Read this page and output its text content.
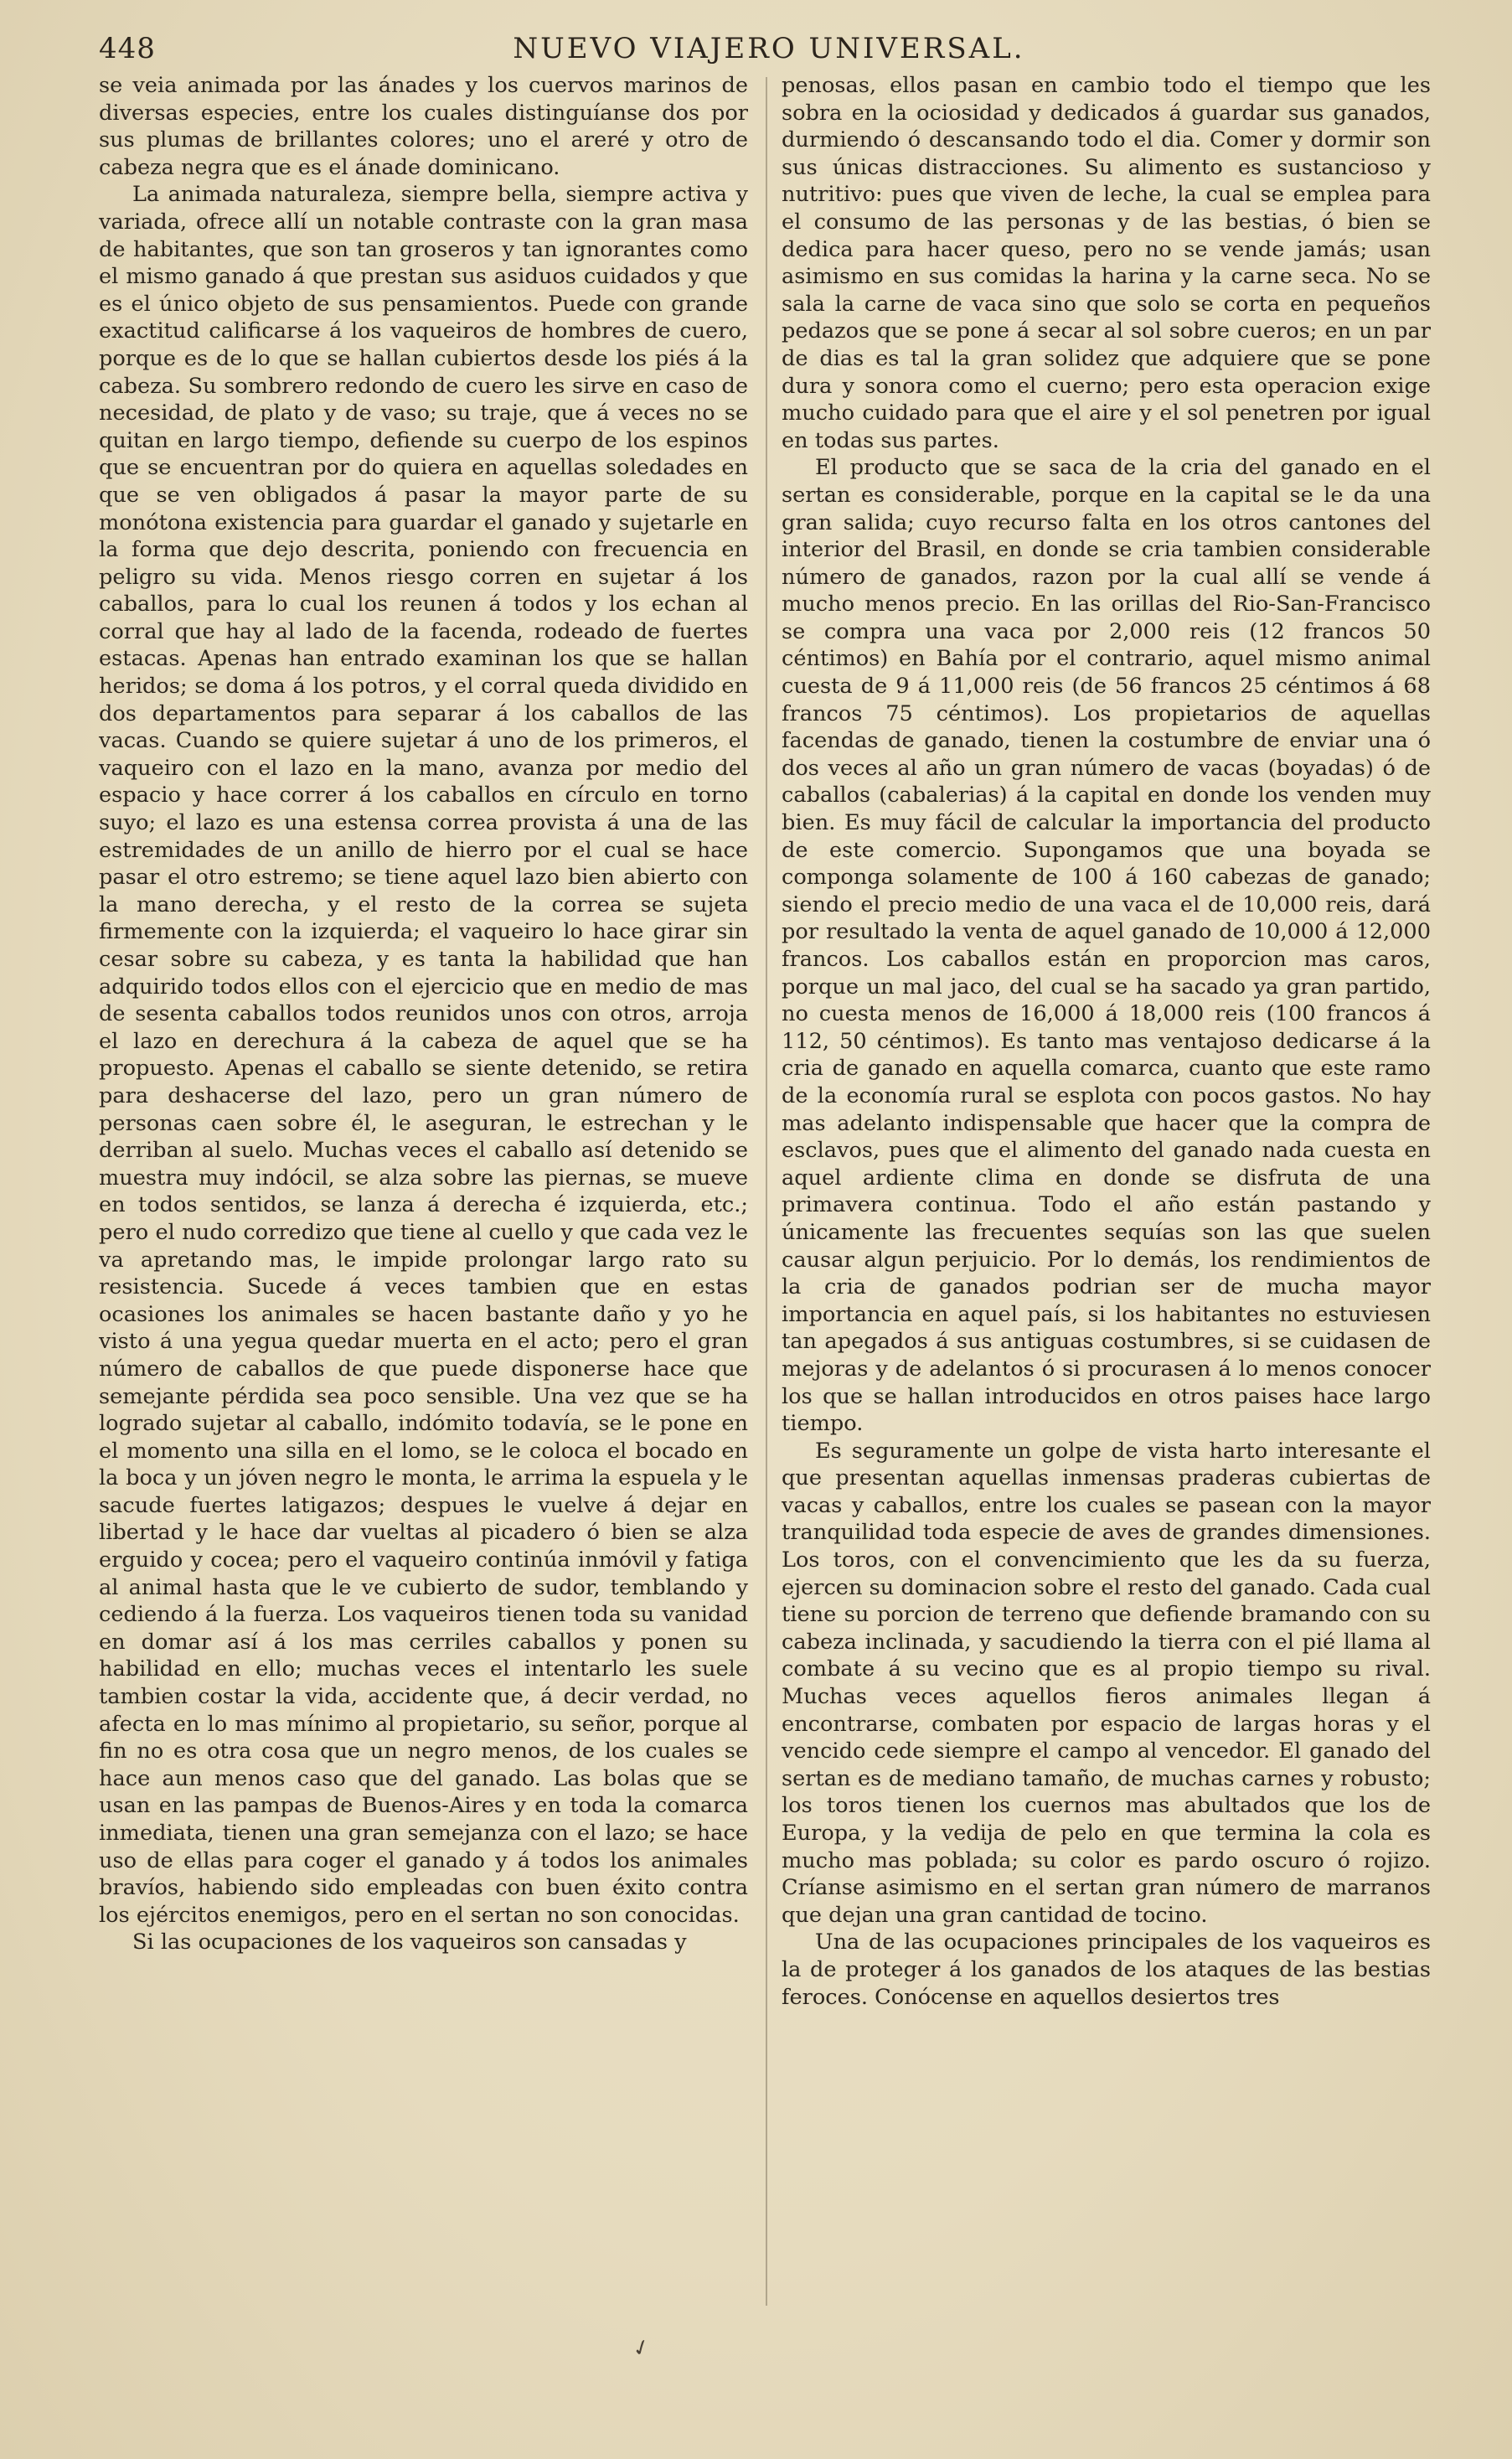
448	NUEVO VIAJERO UNIVERSAL.

se veia animada por las ánades y los cuervos marinos de diversas especies, entre los cuales distinguíanse dos por sus plumas de brillantes colores; uno el areré y otro de cabeza negra que es el ánade dominicano.

La animada naturaleza, siempre bella, siempre activa y variada, ofrece allí un notable contraste con la gran masa de habitantes, que son tan groseros y tan ignorantes como el mismo ganado á que prestan sus asiduos cuidados y que es el único objeto de sus pensamientos. Puede con grande exactitud calificarse á los vaqueiros de hombres de cuero, porque es de lo que se hallan cubiertos desde los piés á la cabeza. Su sombrero redondo de cuero les sirve en caso de necesidad, de plato y de vaso; su traje, que á veces no se quitan en largo tiempo, defiende su cuerpo de los espinos que se encuentran por do quiera en aquellas soledades en que se ven obligados á pasar la mayor parte de su monótona existencia para guardar el ganado y sujetarle en la forma que dejo descrita, poniendo con frecuencia en peligro su vida. Menos riesgo corren en sujetar á los caballos, para lo cual los reunen á todos y los echan al corral que hay al lado de la facenda, rodeado de fuertes estacas. Apenas han entrado examinan los que se hallan heridos; se doma á los potros, y el corral queda dividido en dos departamentos para separar á los caballos de las vacas. Cuando se quiere sujetar á uno de los primeros, el vaqueiro con el lazo en la mano, avanza por medio del espacio y hace correr á los caballos en círculo en torno suyo; el lazo es una estensa correa provista á una de las estremidades de un anillo de hierro por el cual se hace pasar el otro estremo; se tiene aquel lazo bien abierto con la mano derecha, y el resto de la correa se sujeta firmemente con la izquierda; el vaqueiro lo hace girar sin cesar sobre su cabeza, y es tanta la habilidad que han adquirido todos ellos con el ejercicio que en medio de mas de sesenta caballos todos reunidos unos con otros, arroja el lazo en derechura á la cabeza de aquel que se ha propuesto. Apenas el caballo se siente detenido, se retira para deshacerse del lazo, pero un gran número de personas caen sobre él, le aseguran, le estrechan y le derriban al suelo. Muchas veces el caballo así detenido se muestra muy indócil, se alza sobre las piernas, se mueve en todos sentidos, se lanza á derecha é izquierda, etc.; pero el nudo corredizo que tiene al cuello y que cada vez le va apretando mas, le impide prolongar largo rato su resistencia. Sucede á veces tambien que en estas ocasiones los animales se hacen bastante daño y yo he visto á una yegua quedar muerta en el acto; pero el gran número de caballos de que puede disponerse hace que semejante pérdida sea poco sensible. Una vez que se ha logrado sujetar al caballo, indómito todavía, se le pone en el momento una silla en el lomo, se le coloca el bocado en la boca y un jóven negro le monta, le arrima la espuela y le sacude fuertes latigazos; despues le vuelve á dejar en libertad y le hace dar vueltas al picadero ó bien se alza erguido y cocea; pero el vaqueiro continúa inmóvil y fatiga al animal hasta que le ve cubierto de sudor, temblando y cediendo á la fuerza. Los vaqueiros tienen toda su vanidad en domar así á los mas cerriles caballos y ponen su habilidad en ello; muchas veces el intentarlo les suele tambien costar la vida, accidente que, á decir verdad, no afecta en lo mas mínimo al propietario, su señor, porque al fin no es otra cosa que un negro menos, de los cuales se hace aun menos caso que del ganado. Las bolas que se usan en las pampas de Buenos-Aires y en toda la comarca inmediata, tienen una gran semejanza con el lazo; se hace uso de ellas para coger el ganado y á todos los animales bravíos, habiendo sido empleadas con buen éxito contra los ejércitos enemigos, pero en el sertan no son conocidas.

Si las ocupaciones de los vaqueiros son cansadas y

penosas, ellos pasan en cambio todo el tiempo que les sobra en la ociosidad y dedicados á guardar sus ganados, durmiendo ó descansando todo el dia. Comer y dormir son sus únicas distracciones. Su alimento es sustancioso y nutritivo: pues que viven de leche, la cual se emplea para el consumo de las personas y de las bestias, ó bien se dedica para hacer queso, pero no se vende jamás; usan asimismo en sus comidas la harina y la carne seca. No se sala la carne de vaca sino que solo se corta en pequeños pedazos que se pone á secar al sol sobre cueros; en un par de dias es tal la gran solidez que adquiere que se pone dura y sonora como el cuerno; pero esta operacion exige mucho cuidado para que el aire y el sol penetren por igual en todas sus partes.

El producto que se saca de la cria del ganado en el sertan es considerable, porque en la capital se le da una gran salida; cuyo recurso falta en los otros cantones del interior del Brasil, en donde se cria tambien considerable número de ganados, razon por la cual allí se vende á mucho menos precio. En las orillas del Rio-San-Francisco se compra una vaca por 2,000 reis (12 francos 50 céntimos) en Bahía por el contrario, aquel mismo animal cuesta de 9 á 11,000 reis (de 56 francos 25 céntimos á 68 francos 75 céntimos). Los propietarios de aquellas facendas de ganado, tienen la costumbre de enviar una ó dos veces al año un gran número de vacas (boyadas) ó de caballos (cabalerias) á la capital en donde los venden muy bien. Es muy fácil de calcular la importancia del producto de este comercio. Supongamos que una boyada se componga solamente de 100 á 160 cabezas de ganado; siendo el precio medio de una vaca el de 10,000 reis, dará por resultado la venta de aquel ganado de 10,000 á 12,000 francos. Los caballos están en proporcion mas caros, porque un mal jaco, del cual se ha sacado ya gran partido, no cuesta menos de 16,000 á 18,000 reis (100 francos á 112, 50 céntimos). Es tanto mas ventajoso dedicarse á la cria de ganado en aquella comarca, cuanto que este ramo de la economía rural se esplota con pocos gastos. No hay mas adelanto indispensable que hacer que la compra de esclavos, pues que el alimento del ganado nada cuesta en aquel ardiente clima en donde se disfruta de una primavera continua. Todo el año están pastando y únicamente las frecuentes sequías son las que suelen causar algun perjuicio. Por lo demás, los rendimientos de la cria de ganados podrian ser de mucha mayor importancia en aquel país, si los habitantes no estuviesen tan apegados á sus antiguas costumbres, si se cuidasen de mejoras y de adelantos ó si procurasen á lo menos conocer los que se hallan introducidos en otros paises hace largo tiempo.

Es seguramente un golpe de vista harto interesante el que presentan aquellas inmensas praderas cubiertas de vacas y caballos, entre los cuales se pasean con la mayor tranquilidad toda especie de aves de grandes dimensiones. Los toros, con el convencimiento que les da su fuerza, ejercen su dominacion sobre el resto del ganado. Cada cual tiene su porcion de terreno que defiende bramando con su cabeza inclinada, y sacudiendo la tierra con el pié llama al combate á su vecino que es al propio tiempo su rival. Muchas veces aquellos fieros animales llegan á encontrarse, combaten por espacio de largas horas y el vencido cede siempre el campo al vencedor. El ganado del sertan es de mediano tamaño, de muchas carnes y robusto; los toros tienen los cuernos mas abultados que los de Europa, y la vedija de pelo en que termina la cola es mucho mas poblada; su color es pardo oscuro ó rojizo. Críanse asimismo en el sertan gran número de marranos que dejan una gran cantidad de tocino.

Una de las ocupaciones principales de los vaqueiros es la de proteger á los ganados de los ataques de las bestias feroces. Conócense en aquellos desiertos tres

✓
